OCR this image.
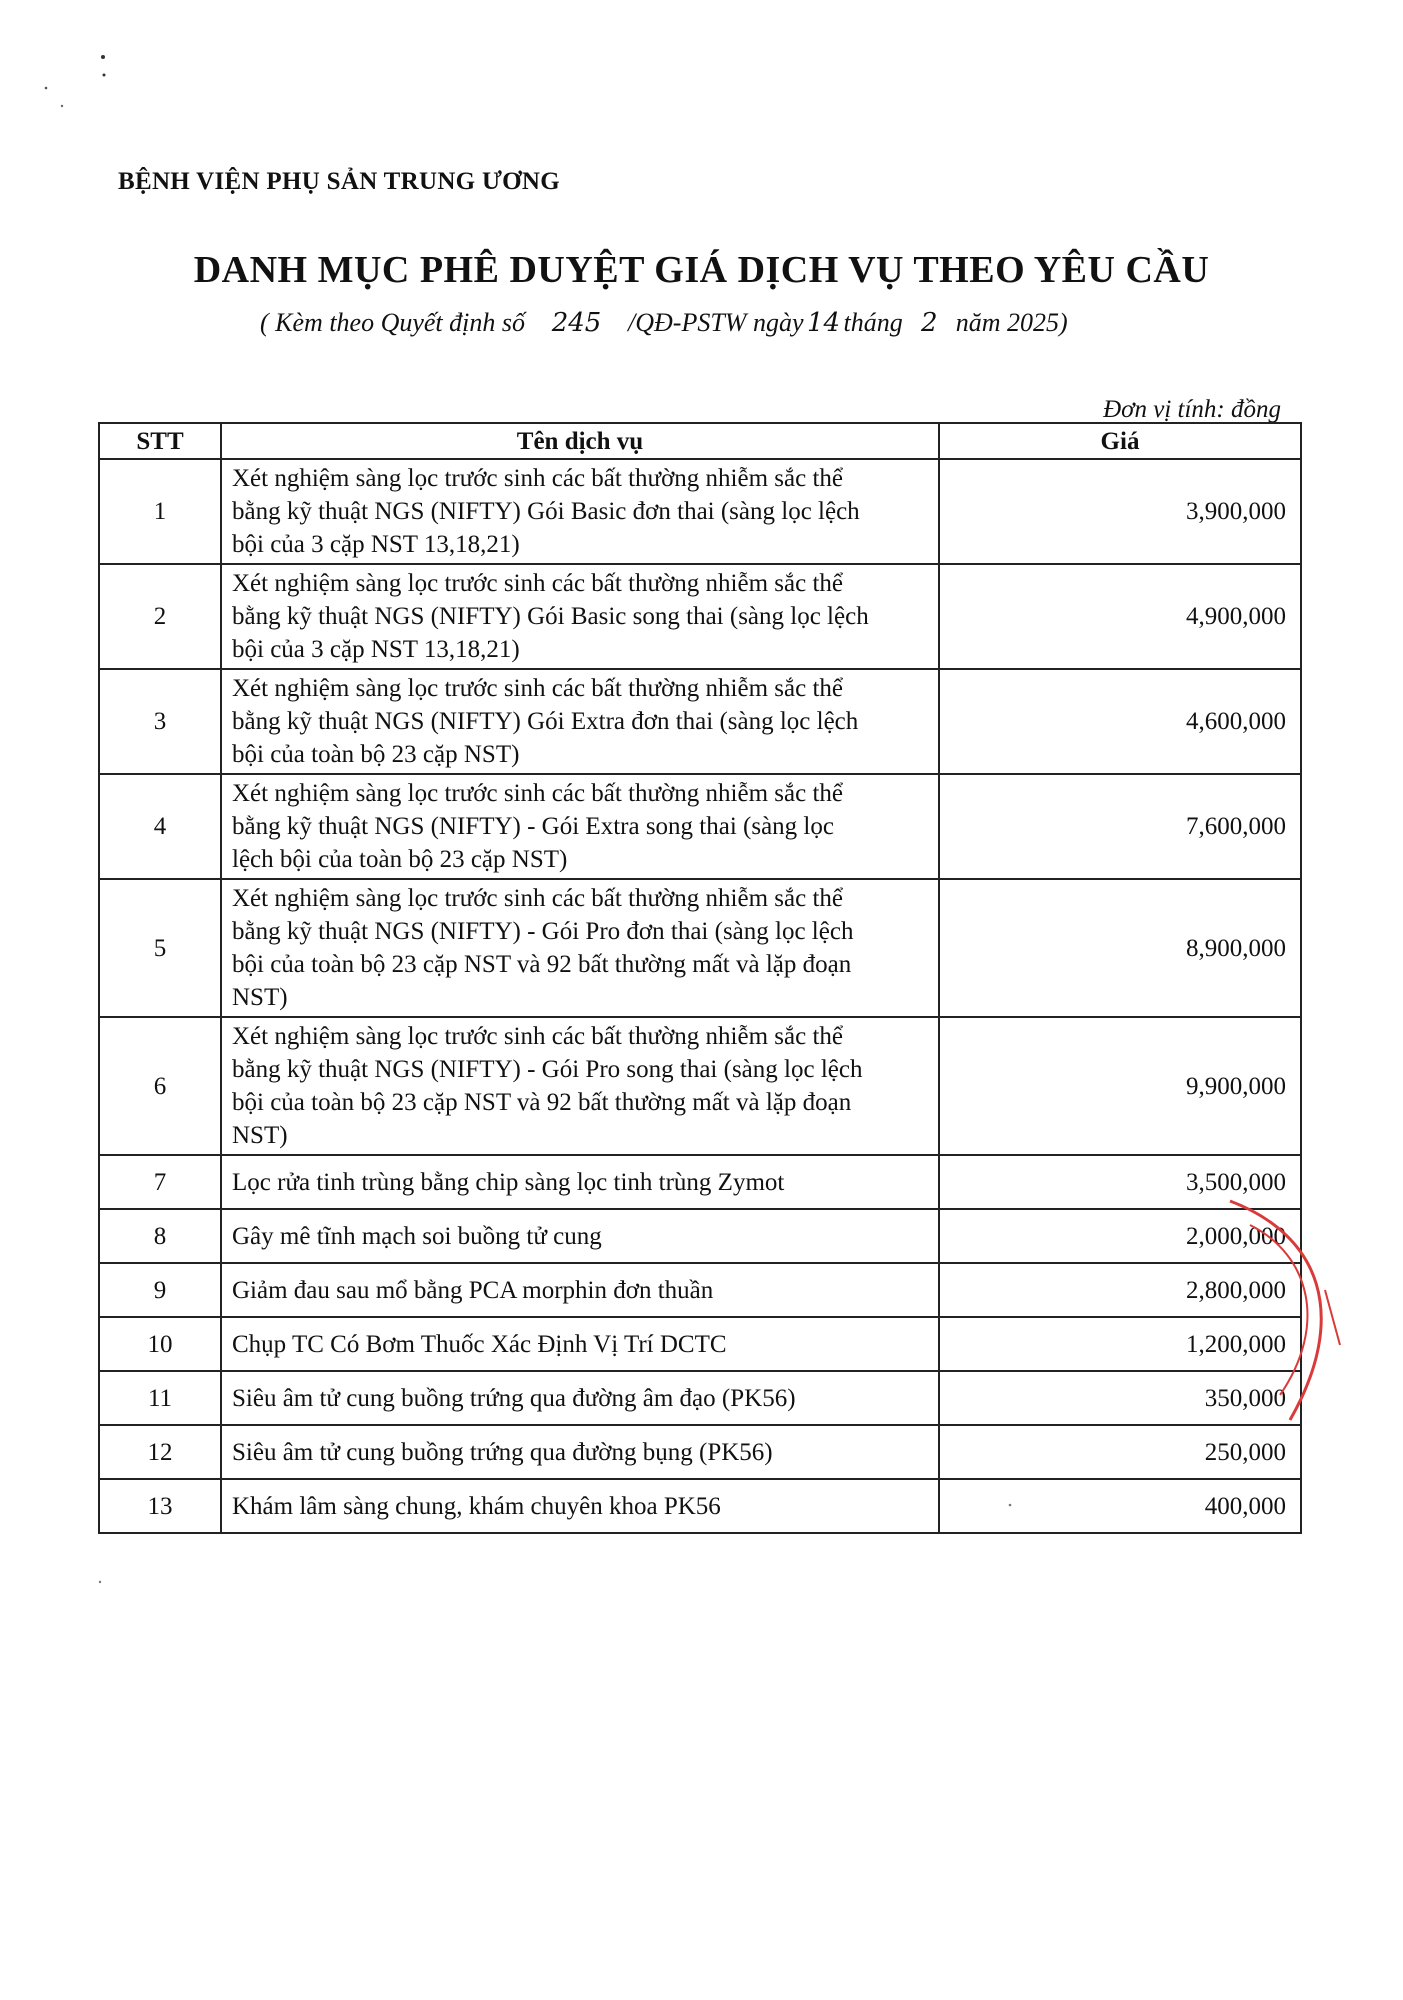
BỆNH VIỆN PHỤ SẢN TRUNG ƯƠNG
DANH MỤC PHÊ DUYỆT GIÁ DỊCH VỤ THEO YÊU CẦU
( Kèm theo Quyết định số 245 /QĐ-PSTW ngày 14 tháng 2 năm 2025)
Đơn vị tính: đồng
STT	Tên dịch vụ	Giá
1	Xét nghiệm sàng lọc trước sinh các bất thường nhiễm sắc thể
bằng kỹ thuật NGS (NIFTY) Gói Basic đơn thai (sàng lọc lệch
bội của 3 cặp NST 13,18,21)	3,900,000
2	Xét nghiệm sàng lọc trước sinh các bất thường nhiễm sắc thể
bằng kỹ thuật NGS (NIFTY) Gói Basic song thai (sàng lọc lệch
bội của 3 cặp NST 13,18,21)	4,900,000
3	Xét nghiệm sàng lọc trước sinh các bất thường nhiễm sắc thể
bằng kỹ thuật NGS (NIFTY) Gói Extra đơn thai (sàng lọc lệch
bội của toàn bộ 23 cặp NST)	4,600,000
4	Xét nghiệm sàng lọc trước sinh các bất thường nhiễm sắc thể
bằng kỹ thuật NGS (NIFTY) - Gói Extra song thai (sàng lọc
lệch bội của toàn bộ 23 cặp NST)	7,600,000
5	Xét nghiệm sàng lọc trước sinh các bất thường nhiễm sắc thể
bằng kỹ thuật NGS (NIFTY) - Gói Pro đơn thai (sàng lọc lệch
bội của toàn bộ 23 cặp NST và 92 bất thường mất và lặp đoạn
NST)	8,900,000
6	Xét nghiệm sàng lọc trước sinh các bất thường nhiễm sắc thể
bằng kỹ thuật NGS (NIFTY) - Gói Pro song thai (sàng lọc lệch
bội của toàn bộ 23 cặp NST và 92 bất thường mất và lặp đoạn
NST)	9,900,000
7	Lọc rửa tinh trùng bằng chip sàng lọc tinh trùng Zymot	3,500,000
8	Gây mê tĩnh mạch soi buồng tử cung	2,000,000
9	Giảm đau sau mổ bằng PCA morphin đơn thuần	2,800,000
10	Chụp TC Có Bơm Thuốc Xác Định Vị Trí DCTC	1,200,000
11	Siêu âm tử cung buồng trứng qua đường âm đạo (PK56)	350,000
12	Siêu âm tử cung buồng trứng qua đường bụng (PK56)	250,000
13	Khám lâm sàng chung, khám chuyên khoa PK56	400,000
